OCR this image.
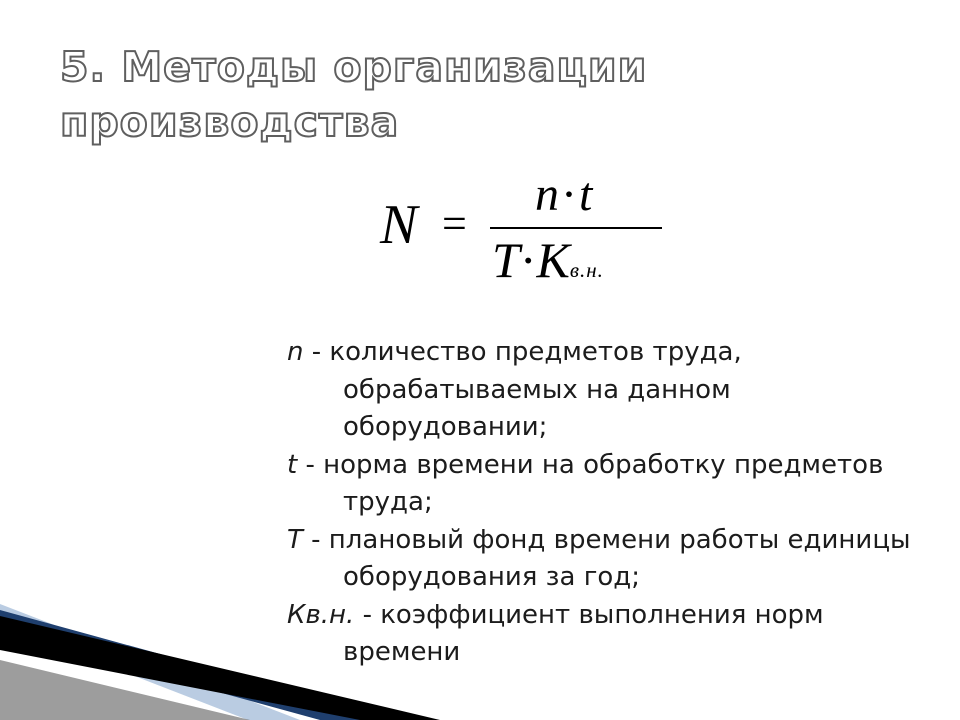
5. Методы организации
производства
N =
n·t
T·Kв.н.
n - количество предметов труда, обрабатываемых на данном оборудовании;
t - норма времени на обработку предметов труда;
T - плановый фонд времени работы единицы оборудования за год;
Кв.н. - коэффициент выполнения норм времени
